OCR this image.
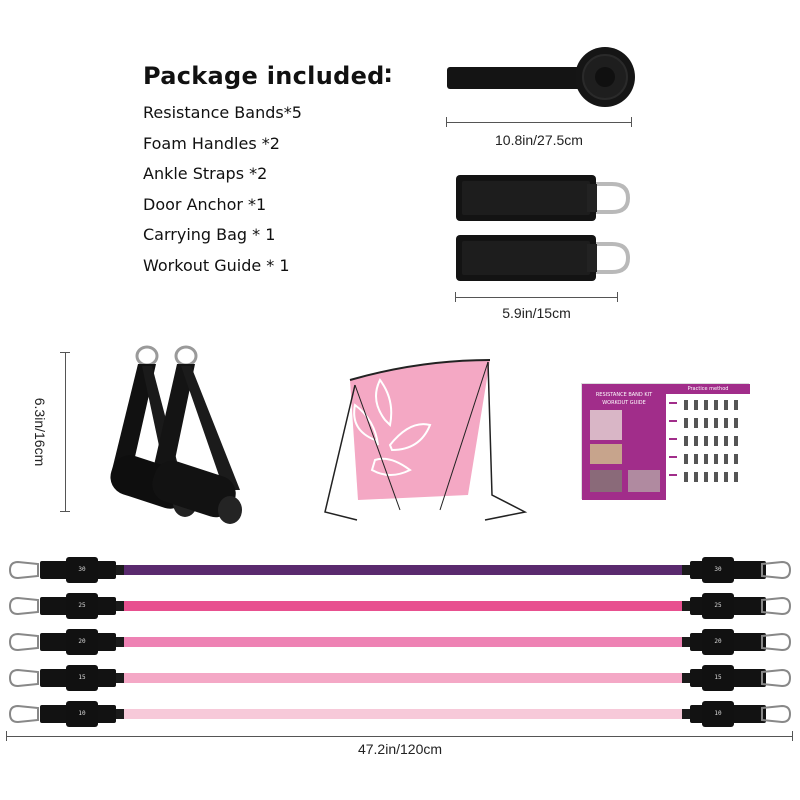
Package included∶
Resistance Bands*5
Foam Handles *2
Ankle Straps *2
Door Anchor *1
Carrying Bag * 1
Workout Guide * 1
10.8in/27.5cm
5.9in/15cm
6.3in/16cm
RESISTANCE BAND KIT
WORKOUT GUIDE
Practice method
30	30
25	25
20	20
15	15
10	10
47.2in/120cm
